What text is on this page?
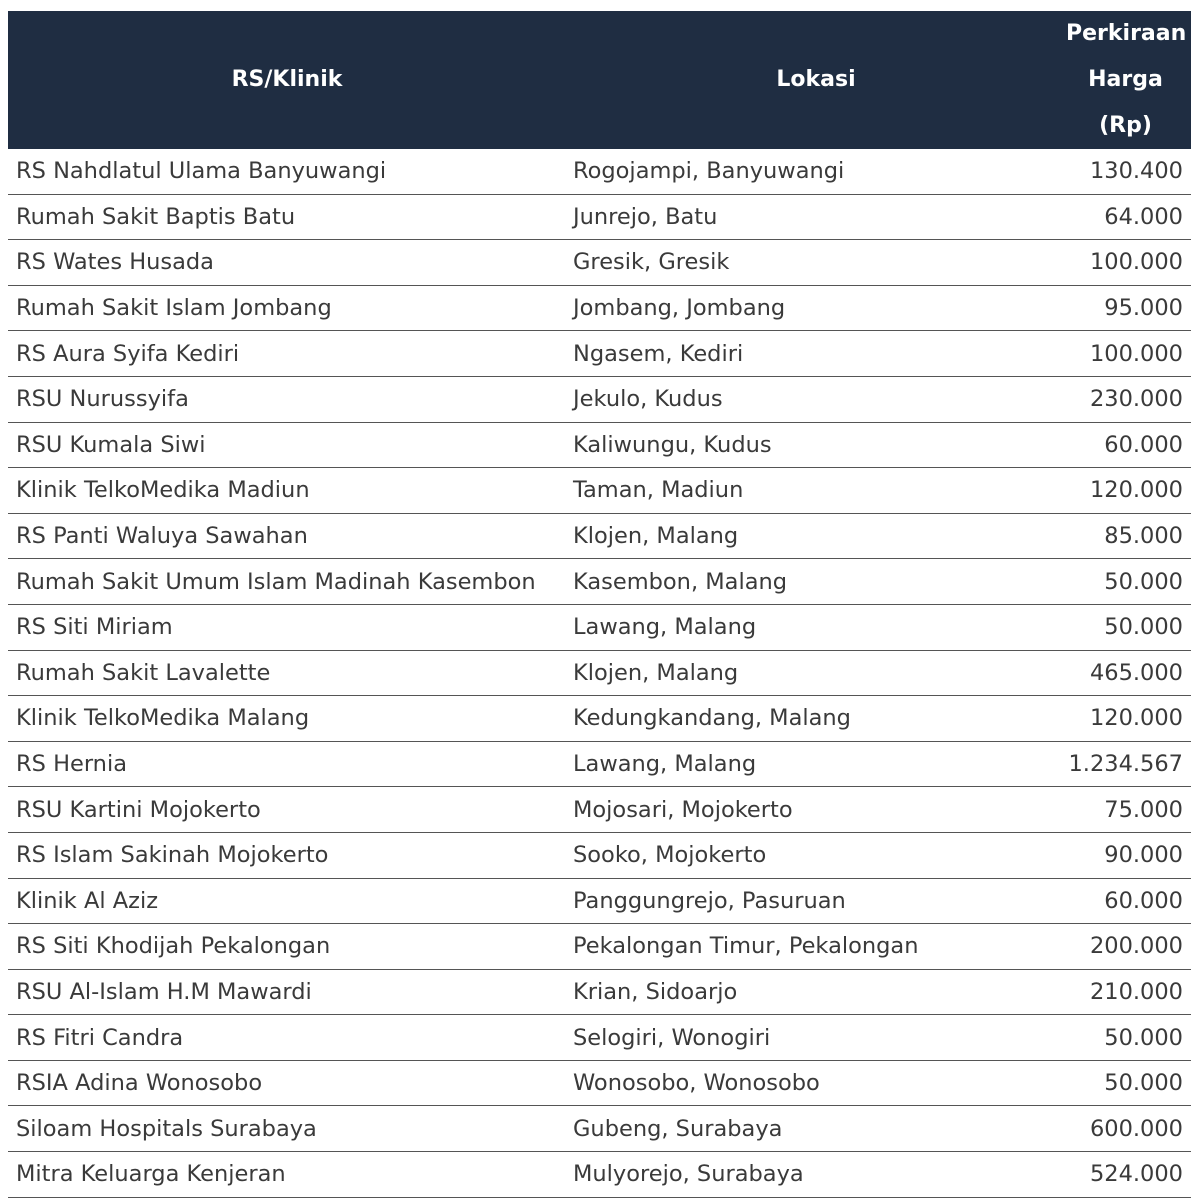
RS/Klinik	Lokasi	Perkiraan
Harga (Rp)

RS Nahdlatul Ulama Banyuwangi	Rogojampi, Banyuwangi	130.400
Rumah Sakit Baptis Batu	Junrejo, Batu	64.000
RS Wates Husada	Gresik, Gresik	100.000
Rumah Sakit Islam Jombang	Jombang, Jombang	95.000
RS Aura Syifa Kediri	Ngasem, Kediri	100.000
RSU Nurussyifa	Jekulo, Kudus	230.000
RSU Kumala Siwi	Kaliwungu, Kudus	60.000
Klinik TelkoMedika Madiun	Taman, Madiun	120.000
RS Panti Waluya Sawahan	Klojen, Malang	85.000
Rumah Sakit Umum Islam Madinah Kasembon	Kasembon, Malang	50.000
RS Siti Miriam	Lawang, Malang	50.000
Rumah Sakit Lavalette	Klojen, Malang	465.000
Klinik TelkoMedika Malang	Kedungkandang, Malang	120.000
RS Hernia	Lawang, Malang	1.234.567
RSU Kartini Mojokerto	Mojosari, Mojokerto	75.000
RS Islam Sakinah Mojokerto	Sooko, Mojokerto	90.000
Klinik Al Aziz	Panggungrejo, Pasuruan	60.000
RS Siti Khodijah Pekalongan	Pekalongan Timur, Pekalongan	200.000
RSU Al-Islam H.M Mawardi	Krian, Sidoarjo	210.000
RS Fitri Candra	Selogiri, Wonogiri	50.000
RSIA Adina Wonosobo	Wonosobo, Wonosobo	50.000
Siloam Hospitals Surabaya	Gubeng, Surabaya	600.000
Mitra Keluarga Kenjeran	Mulyorejo, Surabaya	524.000
